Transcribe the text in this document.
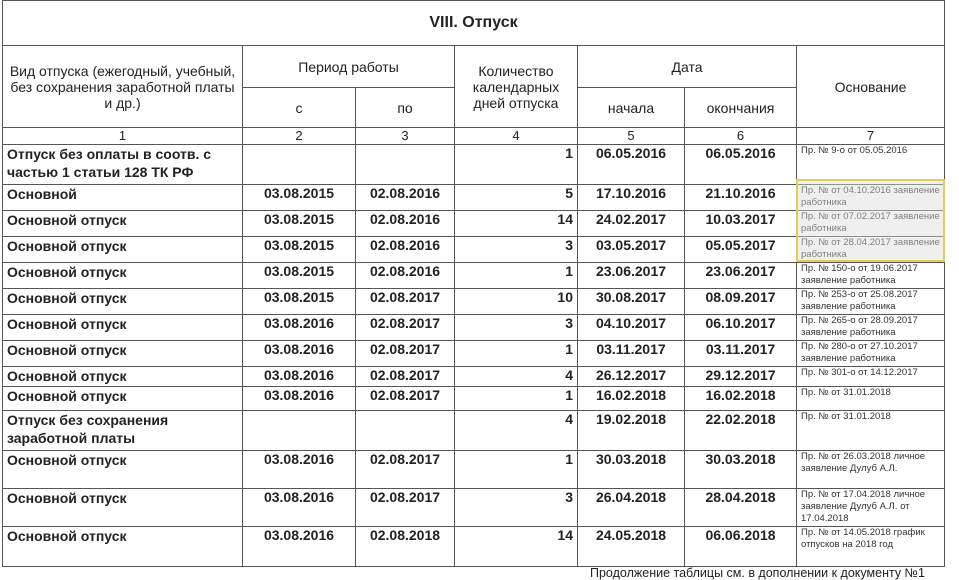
VIII. Отпуск						
Вид отпуска (ежегодный, учебный, без сохранения заработной платы и др.)	Период работы		Количество календарных дней отпуска	Дата		Основание
	с	по		начала	окончания	
1	2	3	4	5	6	7
Отпуск без оплаты в соотв. с частью 1 статьи 128 ТК РФ			1	06.05.2016	06.05.2016	Пр. № 9-о от 05.05.2016
Основной	03.08.2015	02.08.2016	5	17.10.2016	21.10.2016	Пр. № от 04.10.2016 заявление работника
Основной отпуск	03.08.2015	02.08.2016	14	24.02.2017	10.03.2017	Пр. № от 07.02.2017 заявление работника
Основной отпуск	03.08.2015	02.08.2016	3	03.05.2017	05.05.2017	Пр. № от 28.04.2017 заявление работника
Основной отпуск	03.08.2015	02.08.2016	1	23.06.2017	23.06.2017	Пр. № 150-о от 19.06.2017 заявление работника
Основной отпуск	03.08.2015	02.08.2017	10	30.08.2017	08.09.2017	Пр. № 253-о от 25.08.2017 заявление работника
Основной отпуск	03.08.2016	02.08.2017	3	04.10.2017	06.10.2017	Пр. № 265-о от 28.09.2017 заявление работника
Основной отпуск	03.08.2016	02.08.2017	1	03.11.2017	03.11.2017	Пр. № 280-о от 27.10.2017 заявление работника
Основной отпуск	03.08.2016	02.08.2017	4	26.12.2017	29.12.2017	Пр. № 301-о от 14.12.2017
Основной отпуск	03.08.2016	02.08.2017	1	16.02.2018	16.02.2018	Пр. № от 31.01.2018
Отпуск без сохранения заработной платы			4	19.02.2018	22.02.2018	Пр. № от 31.01.2018
Основной отпуск	03.08.2016	02.08.2017	1	30.03.2018	30.03.2018	Пр. № от 26.03.2018 личное заявление Дулуб А.Л.
Основной отпуск	03.08.2016	02.08.2017	3	26.04.2018	28.04.2018	Пр. № от 17.04.2018 личное заявление Дулуб А.Л. от 17.04.2018
Основной отпуск	03.08.2016	02.08.2018	14	24.05.2018	06.06.2018	Пр. № от 14.05.2018 график отпусков на 2018 год
Продолжение таблицы см. в дополнении к документу №1
